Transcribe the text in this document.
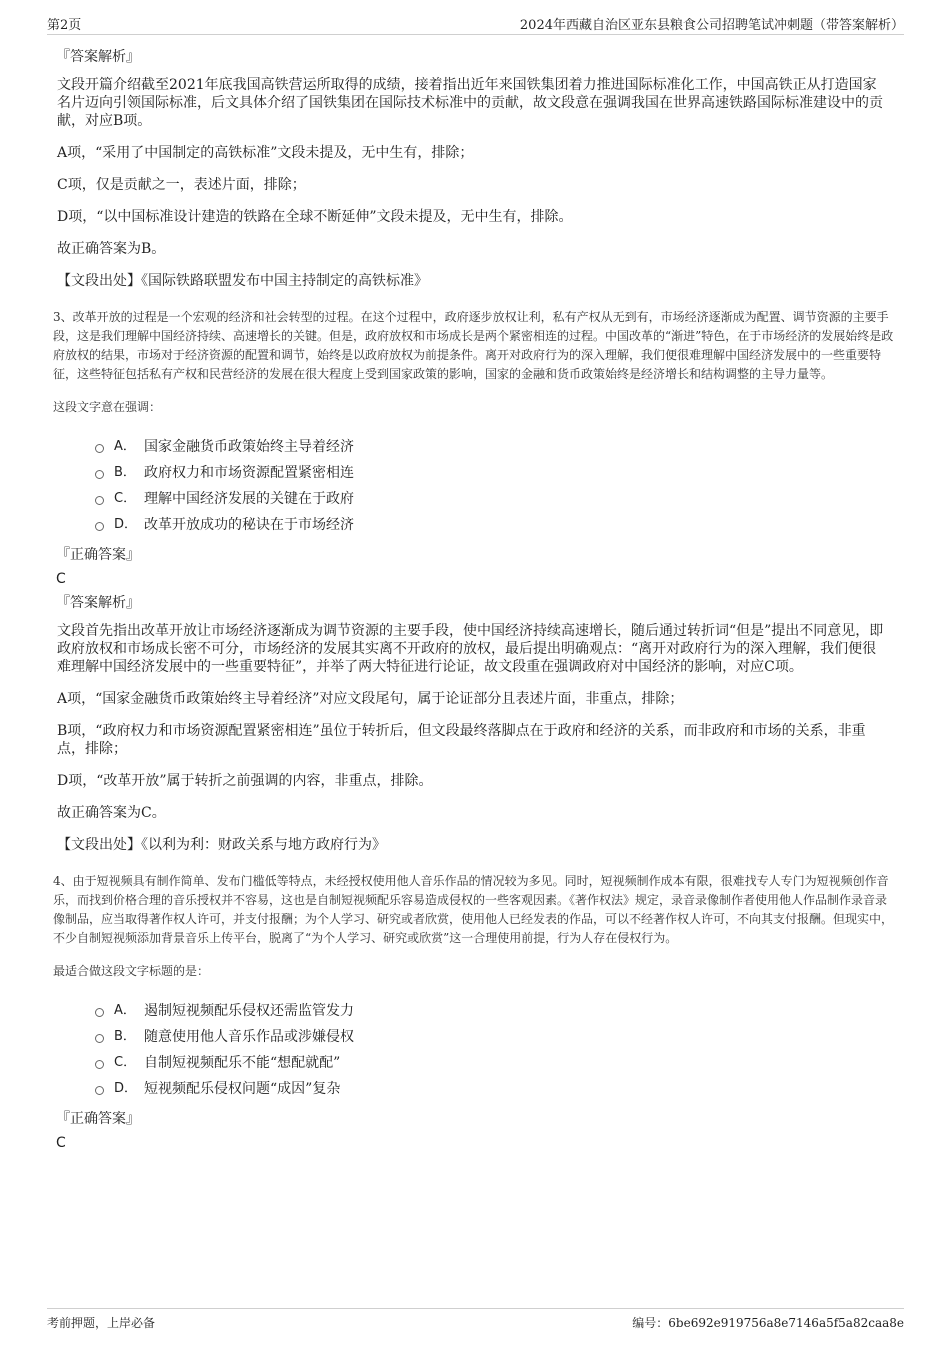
第2页	2024年西藏自治区亚东县粮食公司招聘笔试冲刺题（带答案解析）
『答案解析』
文段开篇介绍截至2021年底我国高铁营运所取得的成绩，接着指出近年来国铁集团着力推进国际标准化工作，中国高铁正从打造国家名片迈向引领国际标准，后文具体介绍了国铁集团在国际技术标准中的贡献，故文段意在强调我国在世界高速铁路国际标准建设中的贡献，对应B项。
A项，“采用了中国制定的高铁标准”文段未提及，无中生有，排除；
C项，仅是贡献之一，表述片面，排除；
D项，“以中国标准设计建造的铁路在全球不断延伸”文段未提及，无中生有，排除。
故正确答案为B。
【文段出处】《国际铁路联盟发布中国主持制定的高铁标准》
3、改革开放的过程是一个宏观的经济和社会转型的过程。在这个过程中，政府逐步放权让利，私有产权从无到有，市场经济逐渐成为配置、调节资源的主要手段，这是我们理解中国经济持续、高速增长的关键。但是，政府放权和市场成长是两个紧密相连的过程。中国改革的“渐进”特色，在于市场经济的发展始终是政府放权的结果，市场对于经济资源的配置和调节，始终是以政府放权为前提条件。离开对政府行为的深入理解，我们便很难理解中国经济发展中的一些重要特征，这些特征包括私有产权和民营经济的发展在很大程度上受到国家政策的影响，国家的金融和货币政策始终是经济增长和结构调整的主导力量等。
这段文字意在强调：
A． 国家金融货币政策始终主导着经济
B． 政府权力和市场资源配置紧密相连
C． 理解中国经济发展的关键在于政府
D． 改革开放成功的秘诀在于市场经济
『正确答案』
C
『答案解析』
文段首先指出改革开放让市场经济逐渐成为调节资源的主要手段，使中国经济持续高速增长，随后通过转折词“但是”提出不同意见，即政府放权和市场成长密不可分，市场经济的发展其实离不开政府的放权，最后提出明确观点：“离开对政府行为的深入理解，我们便很难理解中国经济发展中的一些重要特征”，并举了两大特征进行论证，故文段重在强调政府对中国经济的影响，对应C项。
A项，“国家金融货币政策始终主导着经济”对应文段尾句，属于论证部分且表述片面，非重点，排除；
B项，“政府权力和市场资源配置紧密相连”虽位于转折后，但文段最终落脚点在于政府和经济的关系，而非政府和市场的关系，非重点，排除；
D项，“改革开放”属于转折之前强调的内容，非重点，排除。
故正确答案为C。
【文段出处】《以利为利：财政关系与地方政府行为》
4、由于短视频具有制作简单、发布门槛低等特点，未经授权使用他人音乐作品的情况较为多见。同时，短视频制作成本有限，很难找专人专门为短视频创作音乐，而找到价格合理的音乐授权并不容易，这也是自制短视频配乐容易造成侵权的一些客观因素。《著作权法》规定，录音录像制作者使用他人作品制作录音录像制品，应当取得著作权人许可，并支付报酬；为个人学习、研究或者欣赏，使用他人已经发表的作品，可以不经著作权人许可，不向其支付报酬。但现实中，不少自制短视频添加背景音乐上传平台，脱离了“为个人学习、研究或欣赏”这一合理使用前提，行为人存在侵权行为。
最适合做这段文字标题的是：
A． 遏制短视频配乐侵权还需监管发力
B． 随意使用他人音乐作品或涉嫌侵权
C． 自制短视频配乐不能“想配就配”
D． 短视频配乐侵权问题“成因”复杂
『正确答案』
C
考前押题，上岸必备	编号：6be692e919756a8e7146a5f5a82caa8e
